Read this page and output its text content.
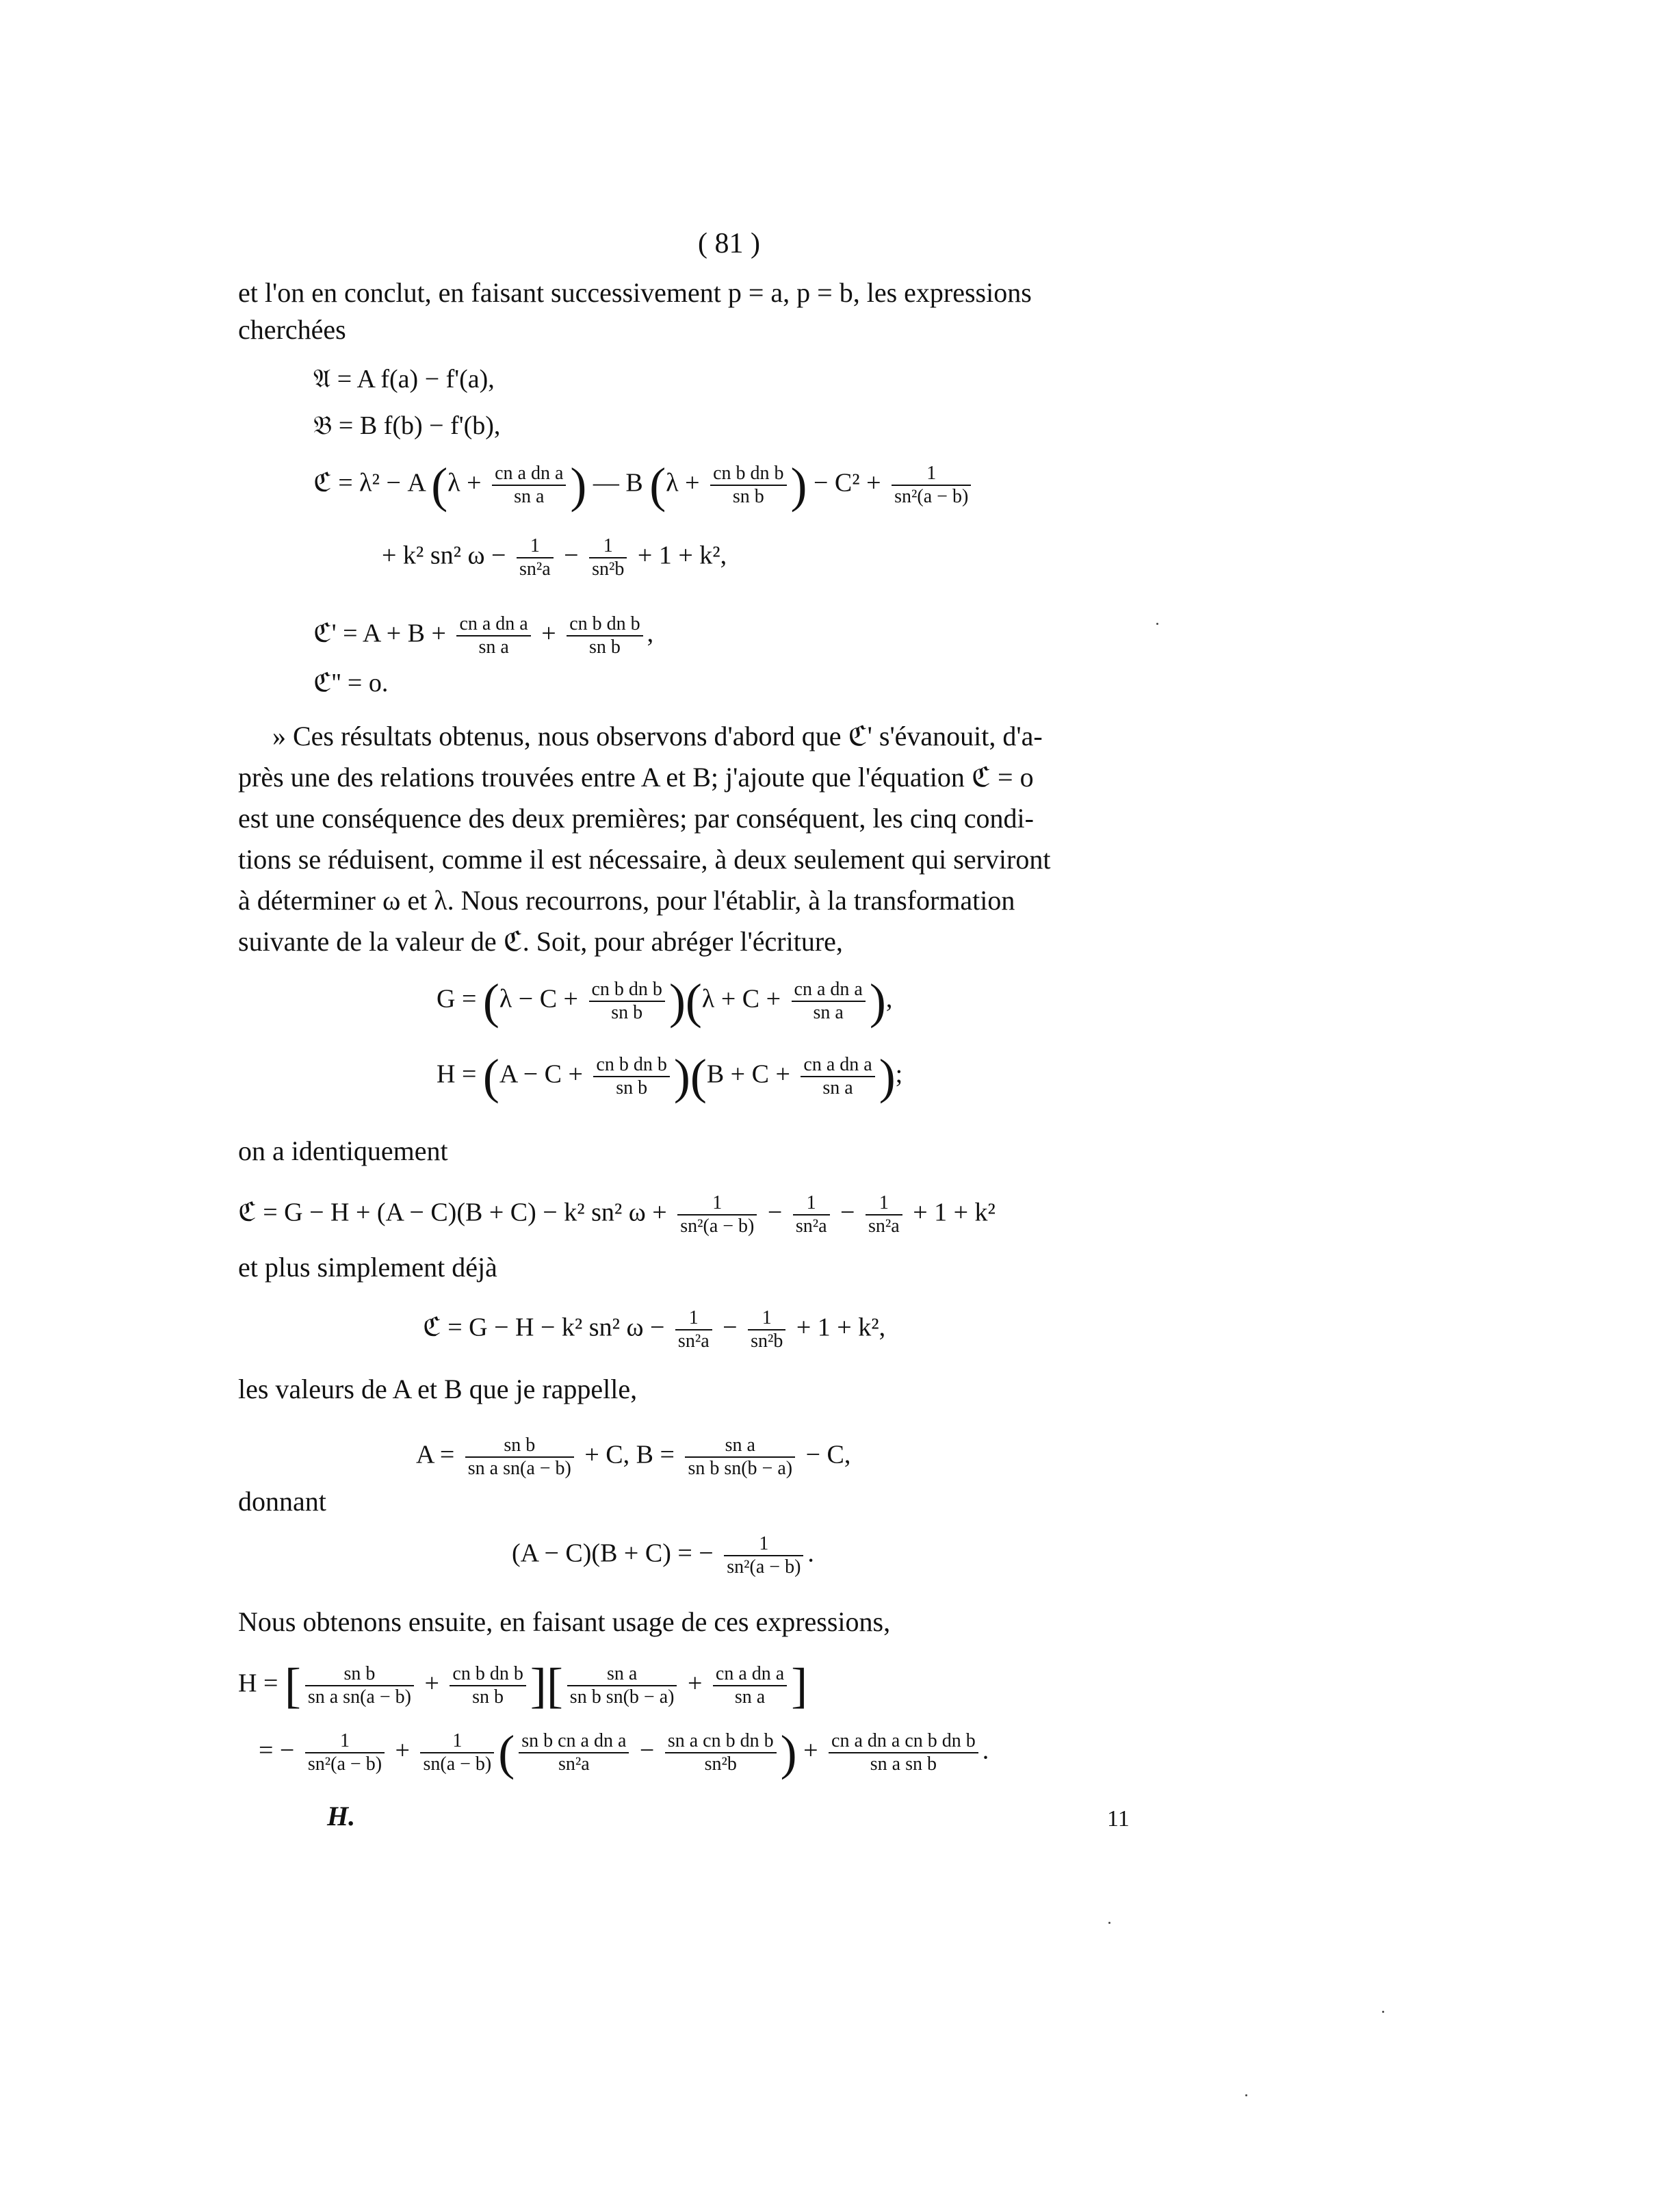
( 81 )
et l'on en conclut, en faisant successivement p = a, p = b, les expressions
cherchées
𝔄 = A f(a) − f'(a),
𝔅 = B f(b) − f'(b),
ℭ = λ² − A ($\lambda + \frac{\text{cn a dn a}}{\text{sn a}}$ ) — B ($\lambda + \frac{\text{cn b dn b}}{\text{sn b}}$ ) − $C^2 + \frac{1}{\text{sn²(a − b)}}$
+ k² sn² $\omega - \frac{1}{\text{sn²a}} - \frac{1}{\text{sn²b}} + 1 + k^2$,
ℭ' = $A + B + \frac{\text{cn a dn a}}{\text{sn a}} + \frac{\text{cn b dn b}}{\text{sn b}}$ ,
ℭ'' = o.
» Ces résultats obtenus, nous observons d'abord que ℭ' s'évanouit, d'a-
près une des relations trouvées entre A et B; j'ajoute que l'équation ℭ = o
est une conséquence des deux premières; par conséquent, les cinq condi-
tions se réduisent, comme il est nécessaire, à deux seulement qui serviront
à déterminer ω et λ. Nous recourrons, pour l'établir, à la transformation
suivante de la valeur de ℭ. Soit, pour abréger l'écriture,
$G = (\lambda - C + \frac{\text{cn b dn b}}{\text{sn b}} )(\lambda + C + \frac{\text{cn a dn a}}{\text{sn a}}$ ),
$H = (A - C + \frac{\text{cn b dn b}}{\text{sn b}} )(B + C + \frac{\text{cn a dn a}}{\text{sn a}}$ );
on a identiquement
ℭ = G − H + (A − C)(B + C) − k² sn² $\omega + \frac{1}{\text{sn²(a − b)}} - \frac{1}{\text{sn²a}} - \frac{1}{\text{sn²a}} + 1 + k^2$
et plus simplement déjà
ℭ = G − H − k² sn² $\omega - \frac{1}{\text{sn²a}} - \frac{1}{\text{sn²b}} + 1 + k^2$,
les valeurs de A et B que je rappelle,
$A = \frac{\text{sn b}}{\text{sn a sn(a − b)}} + C$, $B = \frac{\text{sn a}}{\text{sn b sn(b − a)}} - C$,
donnant
(A − C)(B + C) = − $\frac{1}{\text{sn²(a − b)}}$ .
Nous obtenons ensuite, en faisant usage de ces expressions,
H = [ $\frac{\text{sn b}}{\text{sn a sn(a − b)}} + \frac{\text{cn b dn b}}{\text{sn b}}$ ][ $\frac{\text{sn a}}{\text{sn b sn(b − a)}} + \frac{\text{cn a dn a}}{\text{sn a}}$ ]
= − $\frac{1}{\text{sn²(a − b)}} + \frac{1}{sn(a - b)}$ ( $\frac{\text{sn b cn a dn a}}{\text{sn²a}} - \frac{\text{sn a cn b dn b}}{\text{sn²b}}$ ) + $\frac{\text{cn a dn a cn b dn b}}{\text{sn a sn b}}$ .
H.	11
